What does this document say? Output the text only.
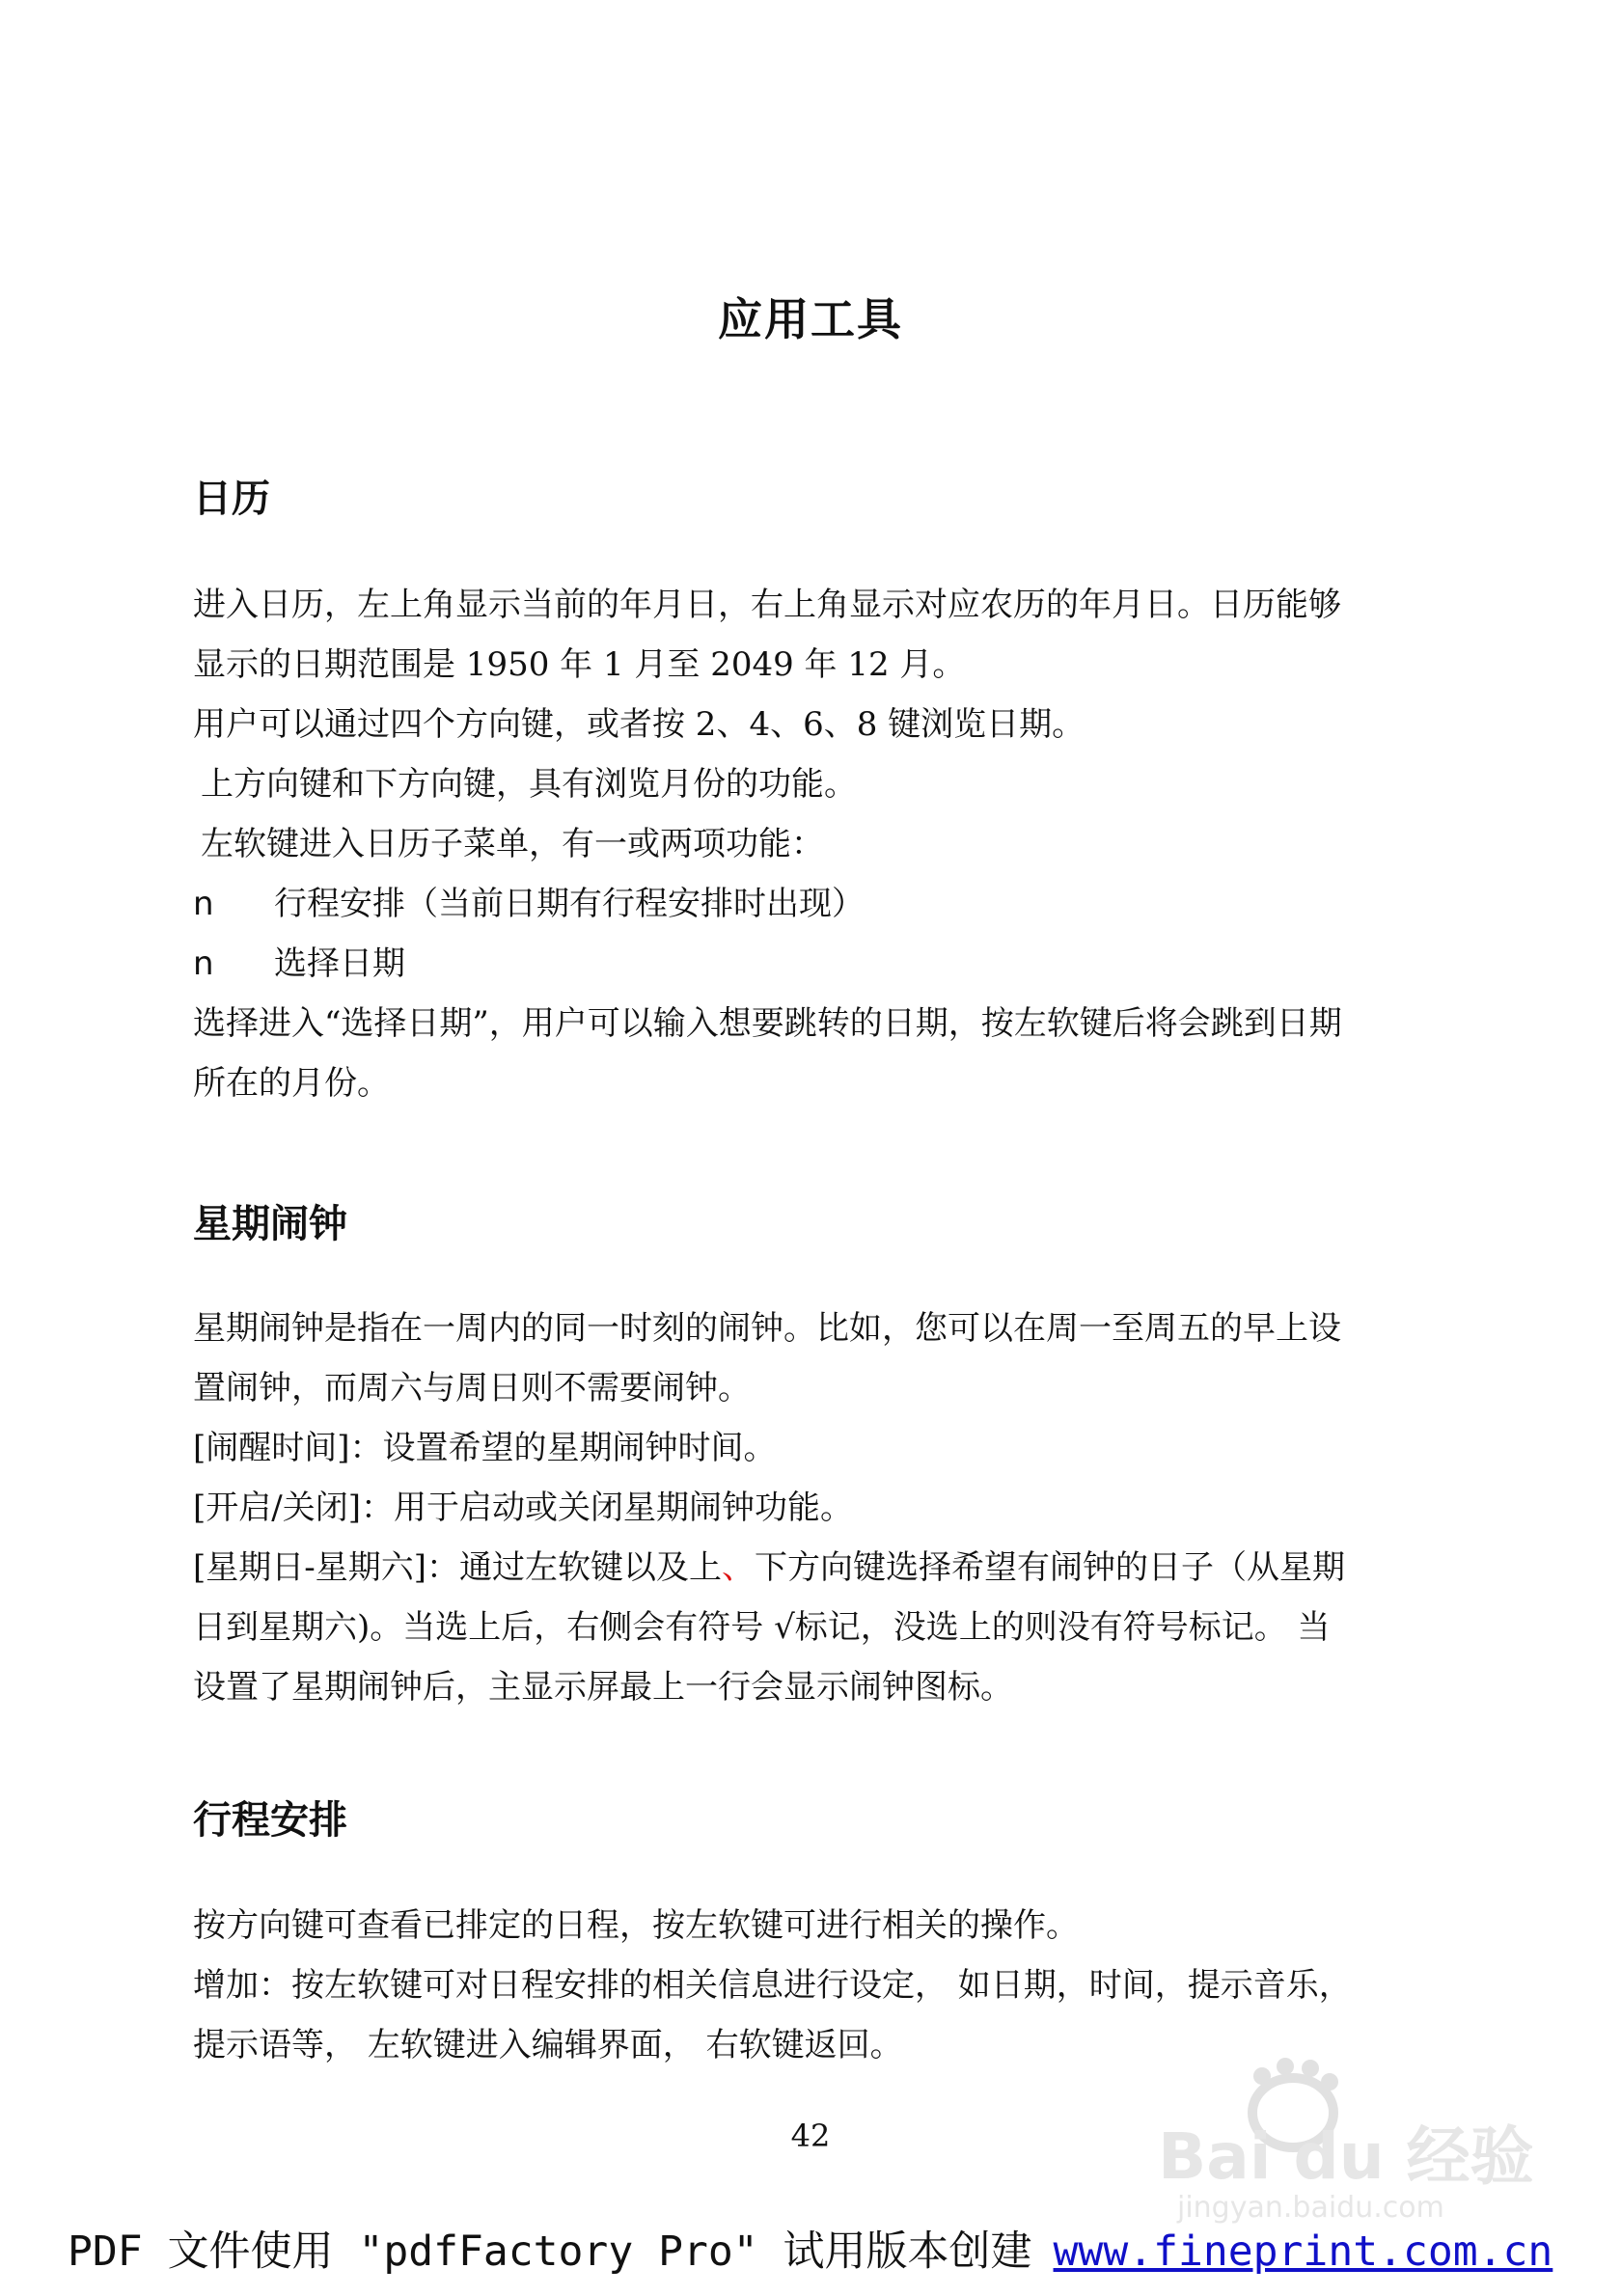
应用工具
日历

进入日历，左上角显示当前的年月日，右上角显示对应农历的年月日。日历能够

显示的日期范围是 1950 年 1 月至 2049 年 12 月。

用户可以通过四个方向键，或者按 2、4、6、8 键浏览日期。

上方向键和下方向键，具有浏览月份的功能。

左软键进入日历子菜单，有一或两项功能：

n	行程安排（当前日期有行程安排时出现）

n	选择日期

选择进入“选择日期”，用户可以输入想要跳转的日期，按左软键后将会跳到日期

所在的月份。

星期闹钟

星期闹钟是指在一周内的同一时刻的闹钟。比如，您可以在周一至周五的早上设

置闹钟，而周六与周日则不需要闹钟。

[闹醒时间]：设置希望的星期闹钟时间。

[开启/关闭]：用于启动或关闭星期闹钟功能。

[星期日-星期六]：通过左软键以及上、下方向键选择希望有闹钟的日子（从星期

日到星期六)。当选上后，右侧会有符号 √标记，没选上的则没有符号标记。 当

设置了星期闹钟后，主显示屏最上一行会显示闹钟图标。

行程安排

按方向键可查看已排定的日程，按左软键可进行相关的操作。

增加：按左软键可对日程安排的相关信息进行设定， 如日期，时间，提示音乐，

提示语等， 左软键进入编辑界面， 右软键返回。

42	Bai du 经验
jingyan.baidu.com
PDF 文件使用 "pdfFactory Pro" 试用版本创建 www.fineprint.com.cn
